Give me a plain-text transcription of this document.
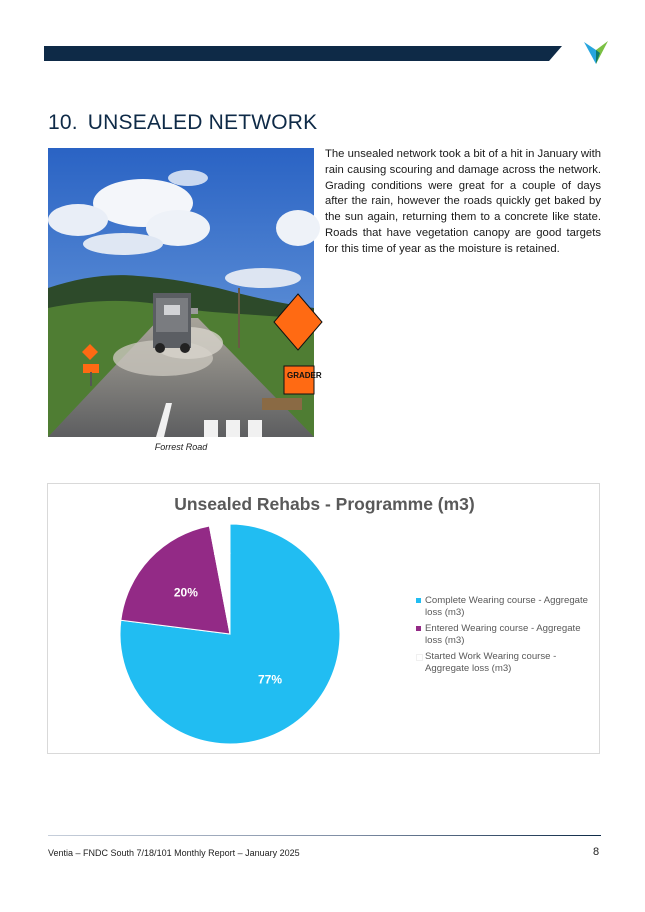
10. UNSEALED NETWORK
GRADER
Forrest Road
The unsealed network took a bit of a hit in January with rain causing scouring and damage across the network. Grading conditions were great for a couple of days after the rain, however the roads quickly get baked by the sun again, returning them to a concrete like state. Roads that have vegetation canopy are good targets for this time of year as the moisture is retained.
Unsealed Rehabs - Programme (m3)
77%
20%
3%
Complete Wearing course - Aggregate loss (m3)
Entered Wearing course - Aggregate loss (m3)
Started Work Wearing course - Aggregate loss (m3)
Ventia – FNDC South 7/18/101 Monthly Report – January 2025	8
